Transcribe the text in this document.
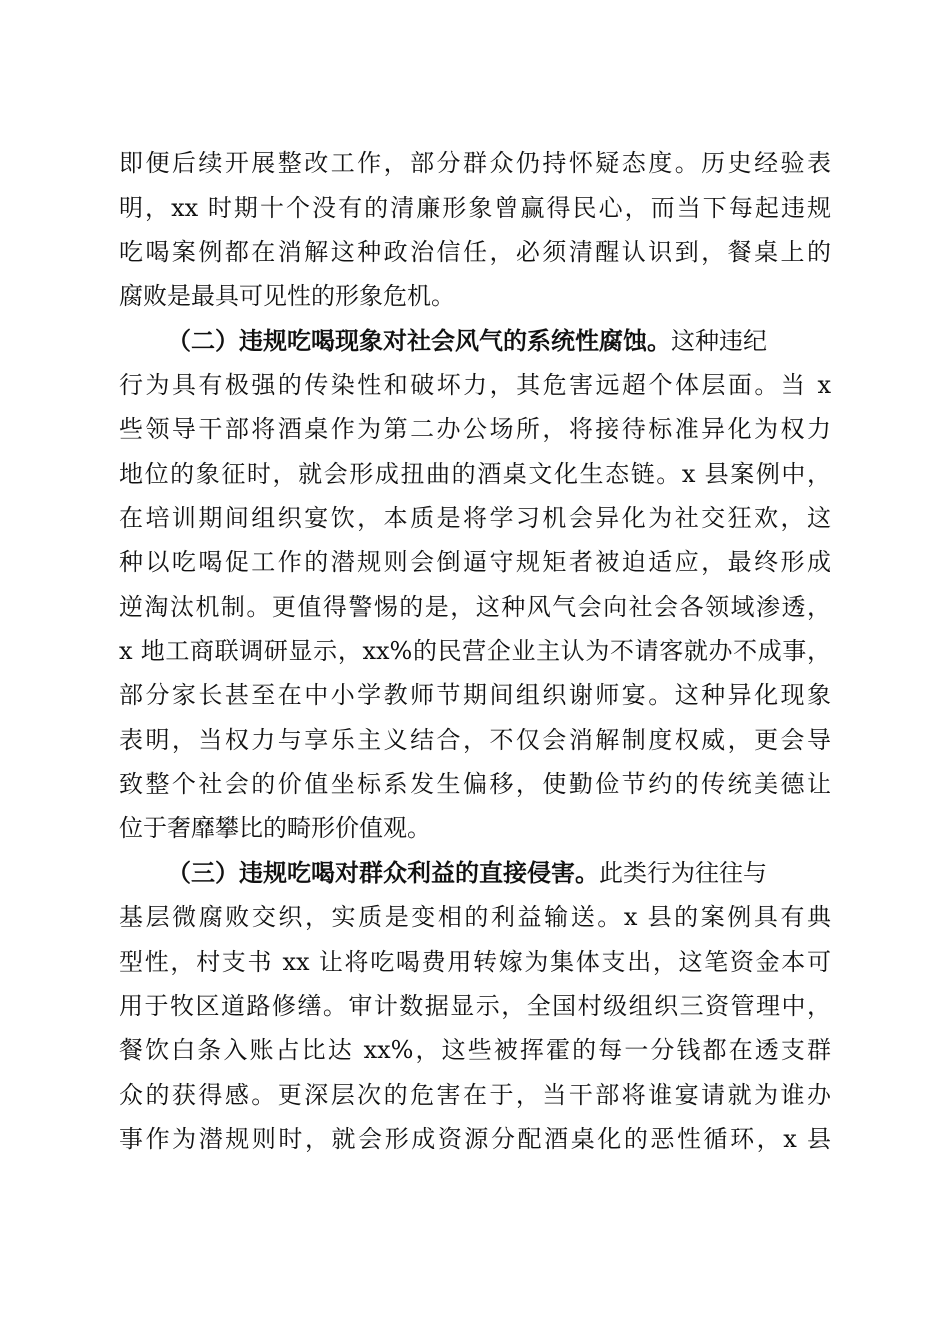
即便后续开展整改工作，部分群众仍持怀疑态度。历史经验表
明，xx 时期十个没有的清廉形象曾赢得民心，而当下每起违规
吃喝案例都在消解这种政治信任，必须清醒认识到，餐桌上的
腐败是最具可见性的形象危机。
（二）违规吃喝现象对社会风气的系统性腐蚀。这种违纪
行为具有极强的传染性和破坏力，其危害远超个体层面。当 x
些领导干部将酒桌作为第二办公场所，将接待标准异化为权力
地位的象征时，就会形成扭曲的酒桌文化生态链。x 县案例中，
在培训期间组织宴饮，本质是将学习机会异化为社交狂欢，这
种以吃喝促工作的潜规则会倒逼守规矩者被迫适应，最终形成
逆淘汰机制。更值得警惕的是，这种风气会向社会各领域渗透，
x 地工商联调研显示，xx%的民营企业主认为不请客就办不成事，
部分家长甚至在中小学教师节期间组织谢师宴。这种异化现象
表明，当权力与享乐主义结合，不仅会消解制度权威，更会导
致整个社会的价值坐标系发生偏移，使勤俭节约的传统美德让
位于奢靡攀比的畸形价值观。
（三）违规吃喝对群众利益的直接侵害。此类行为往往与
基层微腐败交织，实质是变相的利益输送。x 县的案例具有典
型性，村支书 xx 让将吃喝费用转嫁为集体支出，这笔资金本可
用于牧区道路修缮。审计数据显示，全国村级组织三资管理中，
餐饮白条入账占比达 xx%，这些被挥霍的每一分钱都在透支群
众的获得感。更深层次的危害在于，当干部将谁宴请就为谁办
事作为潜规则时，就会形成资源分配酒桌化的恶性循环，x 县
